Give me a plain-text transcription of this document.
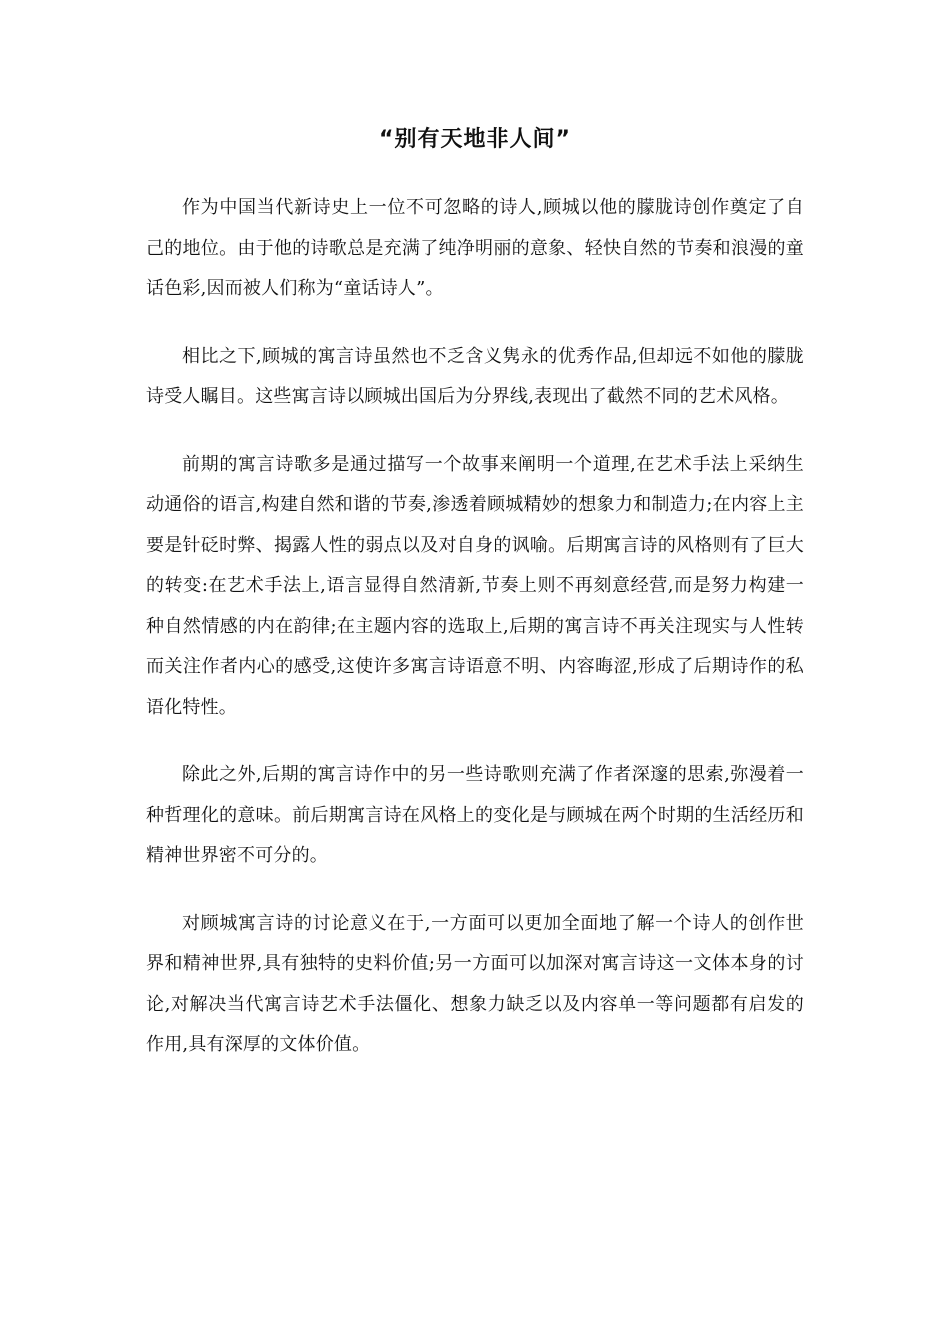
“别有天地非人间”

作为中国当代新诗史上一位不可忽略的诗人,顾城以他的朦胧诗创作奠定了自己的地位。由于他的诗歌总是充满了纯净明丽的意象、轻快自然的节奏和浪漫的童话色彩,因而被人们称为“童话诗人”。

相比之下,顾城的寓言诗虽然也不乏含义隽永的优秀作品,但却远不如他的朦胧诗受人瞩目。这些寓言诗以顾城出国后为分界线,表现出了截然不同的艺术风格。

前期的寓言诗歌多是通过描写一个故事来阐明一个道理,在艺术手法上采纳生动通俗的语言,构建自然和谐的节奏,渗透着顾城精妙的想象力和制造力;在内容上主要是针砭时弊、揭露人性的弱点以及对自身的讽喻。后期寓言诗的风格则有了巨大的转变:在艺术手法上,语言显得自然清新,节奏上则不再刻意经营,而是努力构建一种自然情感的内在韵律;在主题内容的选取上,后期的寓言诗不再关注现实与人性转而关注作者内心的感受,这使许多寓言诗语意不明、内容晦涩,形成了后期诗作的私语化特性。

除此之外,后期的寓言诗作中的另一些诗歌则充满了作者深邃的思索,弥漫着一种哲理化的意味。前后期寓言诗在风格上的变化是与顾城在两个时期的生活经历和精神世界密不可分的。

对顾城寓言诗的讨论意义在于,一方面可以更加全面地了解一个诗人的创作世界和精神世界,具有独特的史料价值;另一方面可以加深对寓言诗这一文体本身的讨论,对解决当代寓言诗艺术手法僵化、想象力缺乏以及内容单一等问题都有启发的作用,具有深厚的文体价值。
